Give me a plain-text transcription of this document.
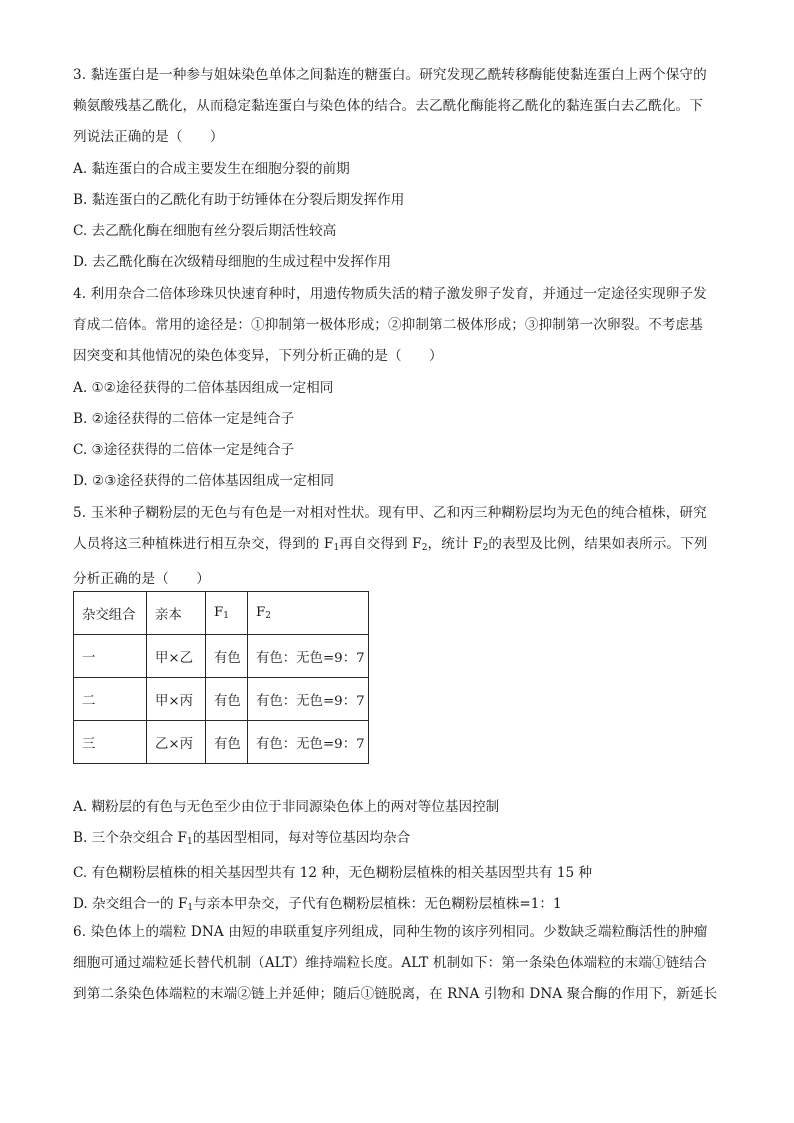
3. 黏连蛋白是一种参与姐妹染色单体之间黏连的糖蛋白。研究发现乙酰转移酶能使黏连蛋白上两个保守的
赖氨酸残基乙酰化，从而稳定黏连蛋白与染色体的结合。去乙酰化酶能将乙酰化的黏连蛋白去乙酰化。下
列说法正确的是（　　）
A. 黏连蛋白的合成主要发生在细胞分裂的前期
B. 黏连蛋白的乙酰化有助于纺锤体在分裂后期发挥作用
C. 去乙酰化酶在细胞有丝分裂后期活性较高
D. 去乙酰化酶在次级精母细胞的生成过程中发挥作用
4. 利用杂合二倍体珍珠贝快速育种时，用遗传物质失活的精子激发卵子发育，并通过一定途径实现卵子发
育成二倍体。常用的途径是：①抑制第一极体形成；②抑制第二极体形成；③抑制第一次卵裂。不考虑基
因突变和其他情况的染色体变异，下列分析正确的是（　　）
A. ①②途径获得的二倍体基因组成一定相同
B. ②途径获得的二倍体一定是纯合子
C. ③途径获得的二倍体一定是纯合子
D. ②③途径获得的二倍体基因组成一定相同
5. 玉米种子糊粉层的无色与有色是一对相对性状。现有甲、乙和丙三种糊粉层均为无色的纯合植株，研究
人员将这三种植株进行相互杂交，得到的 $F_1$再自交得到 $F_2$，统计 $F_2$的表型及比例，结果如表所示。下列
分析正确的是（　　）
杂交组合	亲本	$F_1$	$F_2$
一	甲×乙	有色	有色：无色=9：7
二	甲×丙	有色	有色：无色=9：7
三	乙×丙	有色	有色：无色=9：7
A. 糊粉层的有色与无色至少由位于非同源染色体上的两对等位基因控制
B. 三个杂交组合 $F_1$的基因型相同，每对等位基因均杂合
C. 有色糊粉层植株的相关基因型共有 12 种，无色糊粉层植株的相关基因型共有 15 种
D. 杂交组合一的 $F_1$与亲本甲杂交，子代有色糊粉层植株：无色糊粉层植株=1：1
6. 染色体上的端粒 DNA 由短的串联重复序列组成，同种生物的该序列相同。少数缺乏端粒酶活性的肿瘤
细胞可通过端粒延长替代机制（ALT）维持端粒长度。ALT 机制如下：第一条染色体端粒的末端①链结合
到第二条染色体端粒的末端②链上并延伸；随后①链脱离，在 RNA 引物和 DNA 聚合酶的作用下，新延长
